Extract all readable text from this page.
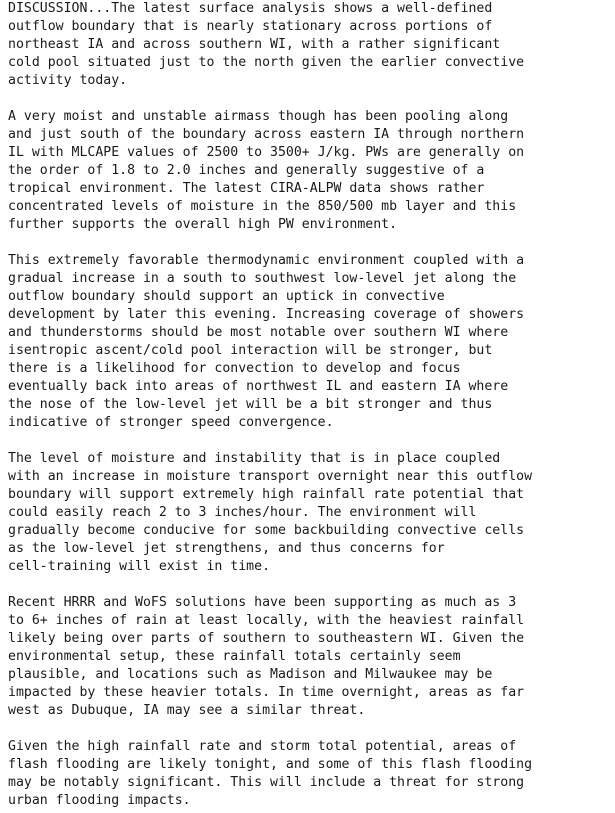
DISCUSSION...The latest surface analysis shows a well-defined
outflow boundary that is nearly stationary across portions of
northeast IA and across southern WI, with a rather significant
cold pool situated just to the north given the earlier convective
activity today.
A very moist and unstable airmass though has been pooling along
and just south of the boundary across eastern IA through northern
IL with MLCAPE values of 2500 to 3500+ J/kg. PWs are generally on
the order of 1.8 to 2.0 inches and generally suggestive of a
tropical environment. The latest CIRA-ALPW data shows rather
concentrated levels of moisture in the 850/500 mb layer and this
further supports the overall high PW environment.
This extremely favorable thermodynamic environment coupled with a
gradual increase in a south to southwest low-level jet along the
outflow boundary should support an uptick in convective
development by later this evening. Increasing coverage of showers
and thunderstorms should be most notable over southern WI where
isentropic ascent/cold pool interaction will be stronger, but
there is a likelihood for convection to develop and focus
eventually back into areas of northwest IL and eastern IA where
the nose of the low-level jet will be a bit stronger and thus
indicative of stronger speed convergence.
The level of moisture and instability that is in place coupled
with an increase in moisture transport overnight near this outflow
boundary will support extremely high rainfall rate potential that
could easily reach 2 to 3 inches/hour. The environment will
gradually become conducive for some backbuilding convective cells
as the low-level jet strengthens, and thus concerns for
cell-training will exist in time.
Recent HRRR and WoFS solutions have been supporting as much as 3
to 6+ inches of rain at least locally, with the heaviest rainfall
likely being over parts of southern to southeastern WI. Given the
environmental setup, these rainfall totals certainly seem
plausible, and locations such as Madison and Milwaukee may be
impacted by these heavier totals. In time overnight, areas as far
west as Dubuque, IA may see a similar threat.
Given the high rainfall rate and storm total potential, areas of
flash flooding are likely tonight, and some of this flash flooding
may be notably significant. This will include a threat for strong
urban flooding impacts.
